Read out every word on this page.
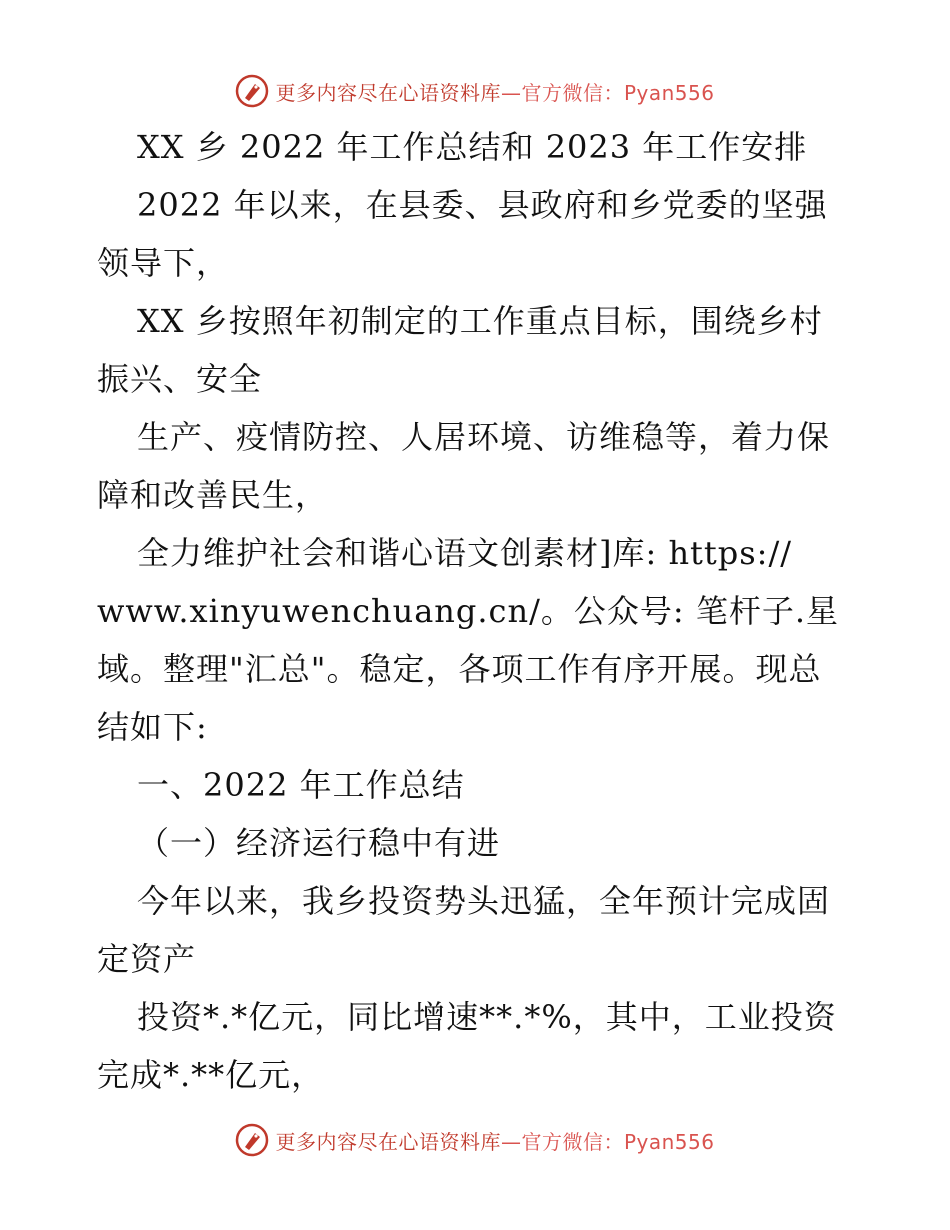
更多内容尽在心语资料库—官方微信：Pyan556
XX 乡 2022 年工作总结和 2023 年工作安排
2022 年以来，在县委、县政府和乡党委的坚强
领导下，
XX 乡按照年初制定的工作重点目标，围绕乡村
振兴、安全
生产、疫情防控、人居环境、访维稳等，着力保
障和改善民生，
全力维护社会和谐心语文创素材]库: https://
www.xinyuwenchuang.cn/。公众号: 笔杆子.星
域。整理"汇总"。稳定，各项工作有序开展。现总
结如下:
一、2022 年工作总结
（一）经济运行稳中有进
今年以来，我乡投资势头迅猛，全年预计完成固
定资产
投资*.*亿元，同比增速**.*%，其中，工业投资
完成*.**亿元，
更多内容尽在心语资料库—官方微信：Pyan556
